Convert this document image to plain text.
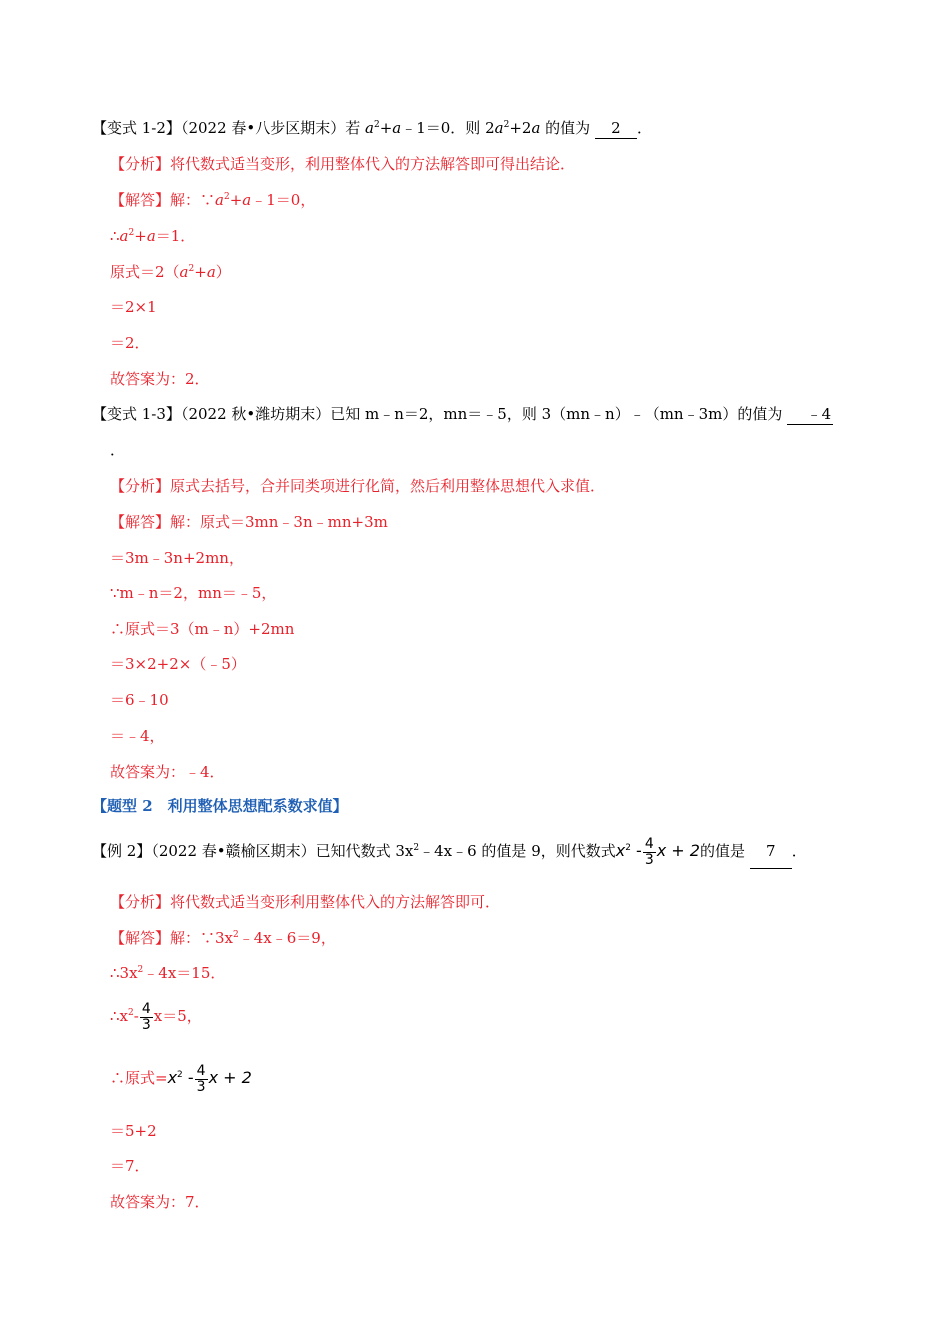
【变式 1-2】（2022 春•八步区期末）若 $a^2+a﹣1=0$．则 $2a^2+2a$ 的值为 2 ．
【分析】将代数式适当变形，利用整体代入的方法解答即可得出结论．
【解答】解：$\because a^2+a﹣1=0$，
$\therefore a^2+a=1$．
原式$=2(a^2+a)$
＝2×1
＝2．
故答案为：2．
【变式 1-3】（2022 秋•潍坊期末）已知 m﹣n＝2，mn＝﹣5，则 3（mn﹣n）﹣（mn﹣3m）的值为 ﹣4
．
【分析】原式去括号，合并同类项进行化简，然后利用整体思想代入求值．
【解答】解：原式＝3mn﹣3n﹣mn+3m
＝3m﹣3n+2mn，
∵m﹣n＝2，mn＝﹣5，
∴原式＝3（m﹣n）+2mn
＝3×2+2×（﹣5）
＝6﹣10
＝﹣4，
故答案为：﹣4．
【题型 2　利用整体思想配系数求值】
【例 2】（2022 春•赣榆区期末）已知代数式 $3x^2﹣4x﹣6$ 的值是 9，则代数式$x^2 - \frac{4}{3}$ x + 2的值是 7 ．
【分析】将代数式适当变形利用整体代入的方法解答即可．
【解答】解：$\because 3x^2﹣4x﹣6=9$，
$\therefore 3x^2﹣4x=15$．
$\therefore x^2- \frac{4}{3} x=5$，
∴原式$=x^2 - \frac{4}{3}$ x + 2
＝5+2
＝7．
故答案为：7．
